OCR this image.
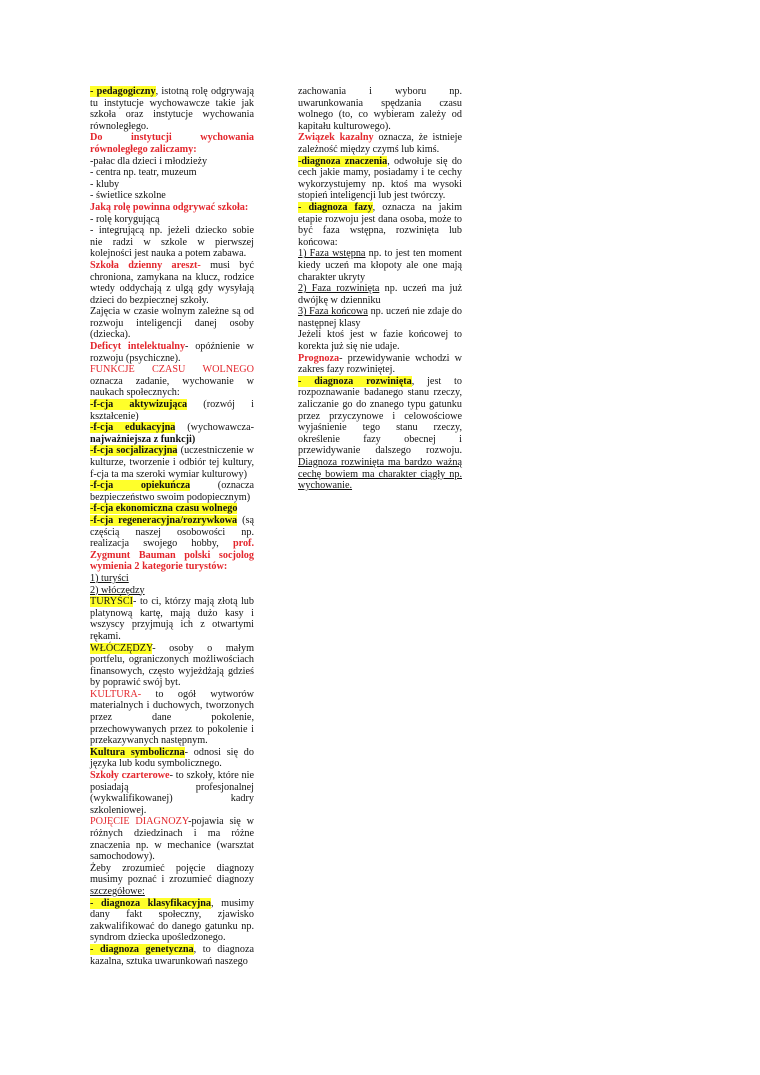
- pedagogiczny, istotną rolę odgrywają tu instytucje wychowawcze takie jak szkoła oraz instytucje wychowania równoległego.

Do instytucji wychowania równoległego zaliczamy:

-pałac dla dzieci i młodzieży

- centra np. teatr, muzeum

- kluby

- świetlice szkolne

Jaką rolę powinna odgrywać szkoła:

- rolę korygującą

- integrującą np. jeżeli dziecko sobie nie radzi w szkole w pierwszej kolejności jest nauka a potem zabawa.

Szkoła dzienny areszt- musi być chroniona, zamykana na klucz, rodzice wtedy oddychają z ulgą gdy wysyłają dzieci do bezpiecznej szkoły.

Zajęcia w czasie wolnym zależne są od rozwoju inteligencji danej osoby (dziecka).

Deficyt intelektualny- opóźnienie w rozwoju (psychiczne).

FUNKCJE CZASU WOLNEGO oznacza zadanie, wychowanie w naukach społecznych:

-f-cja aktywizująca (rozwój i kształcenie)

-f-cja edukacyjna (wychowawcza-najważniejsza z funkcji)

-f-cja socjalizacyjna (uczestniczenie w kulturze, tworzenie i odbiór tej kultury, f-cja ta ma szeroki wymiar kulturowy)

-f-cja opiekuńcza (oznacza bezpieczeństwo swoim podopiecznym)

-f-cja ekonomiczna czasu wolnego

-f-cja regeneracyjna/rozrywkowa (są częścią naszej osobowości np. realizacja swojego hobby, prof. Zygmunt Bauman polski socjolog wymienia 2 kategorie turystów:

1) turyści

2) włóczędzy

TURYŚCI- to ci, którzy mają złotą lub platynową kartę, mają dużo kasy i wszyscy przyjmują ich z otwartymi rękami.

WŁÓCZĘDZY- osoby o małym portfelu, ograniczonych możliwościach finansowych, często wyjeżdżają gdzieś by poprawić swój byt.

KULTURA- to ogół wytworów materialnych i duchowych, tworzonych przez dane pokolenie, przechowywanych przez to pokolenie i przekazywanych następnym.

Kultura symboliczna- odnosi się do języka lub kodu symbolicznego.

Szkoły czarterowe- to szkoły, które nie posiadają profesjonalnej (wykwalifikowanej) kadry szkoleniowej.

POJĘCIE DIAGNOZY-pojawia się w różnych dziedzinach i ma różne znaczenia np. w mechanice (warsztat samochodowy).

Żeby zrozumieć pojęcie diagnozy musimy poznać i zrozumieć diagnozy szczegółowe:

- diagnoza klasyfikacyjna, musimy dany fakt społeczny, zjawisko zakwalifikować do danego gatunku np. syndrom dziecka upośledzonego.

- diagnoza genetyczna, to diagnoza kazalna, sztuka uwarunkowań naszego

zachowania i wyboru np. uwarunkowania spędzania czasu wolnego (to, co wybieram zależy od kapitału kulturowego).

Związek kazalny oznacza, że istnieje zależność między czymś lub kimś.

-diagnoza znaczenia, odwołuje się do cech jakie mamy, posiadamy i te cechy wykorzystujemy np. ktoś ma wysoki stopień inteligencji lub jest twórczy.

- diagnoza fazy, oznacza na jakim etapie rozwoju jest dana osoba, może to być faza wstępna, rozwinięta lub końcowa:

1) Faza wstępna np. to jest ten moment kiedy uczeń ma kłopoty ale one mają charakter ukryty

2) Faza rozwinięta np. uczeń ma już dwójkę w dzienniku

3) Faza końcowa np. uczeń nie zdaje do następnej klasy

Jeżeli ktoś jest w fazie końcowej to korekta już się nie udaje.

Prognoza- przewidywanie wchodzi w zakres fazy rozwiniętej.

- diagnoza rozwinięta, jest to rozpoznawanie badanego stanu rzeczy, zaliczanie go do znanego typu gatunku przez przyczynowe i celowościowe wyjaśnienie tego stanu rzeczy, określenie fazy obecnej i przewidywanie dalszego rozwoju. Diagnoza rozwinięta ma bardzo ważną cechę bowiem ma charakter ciągły np. wychowanie.
